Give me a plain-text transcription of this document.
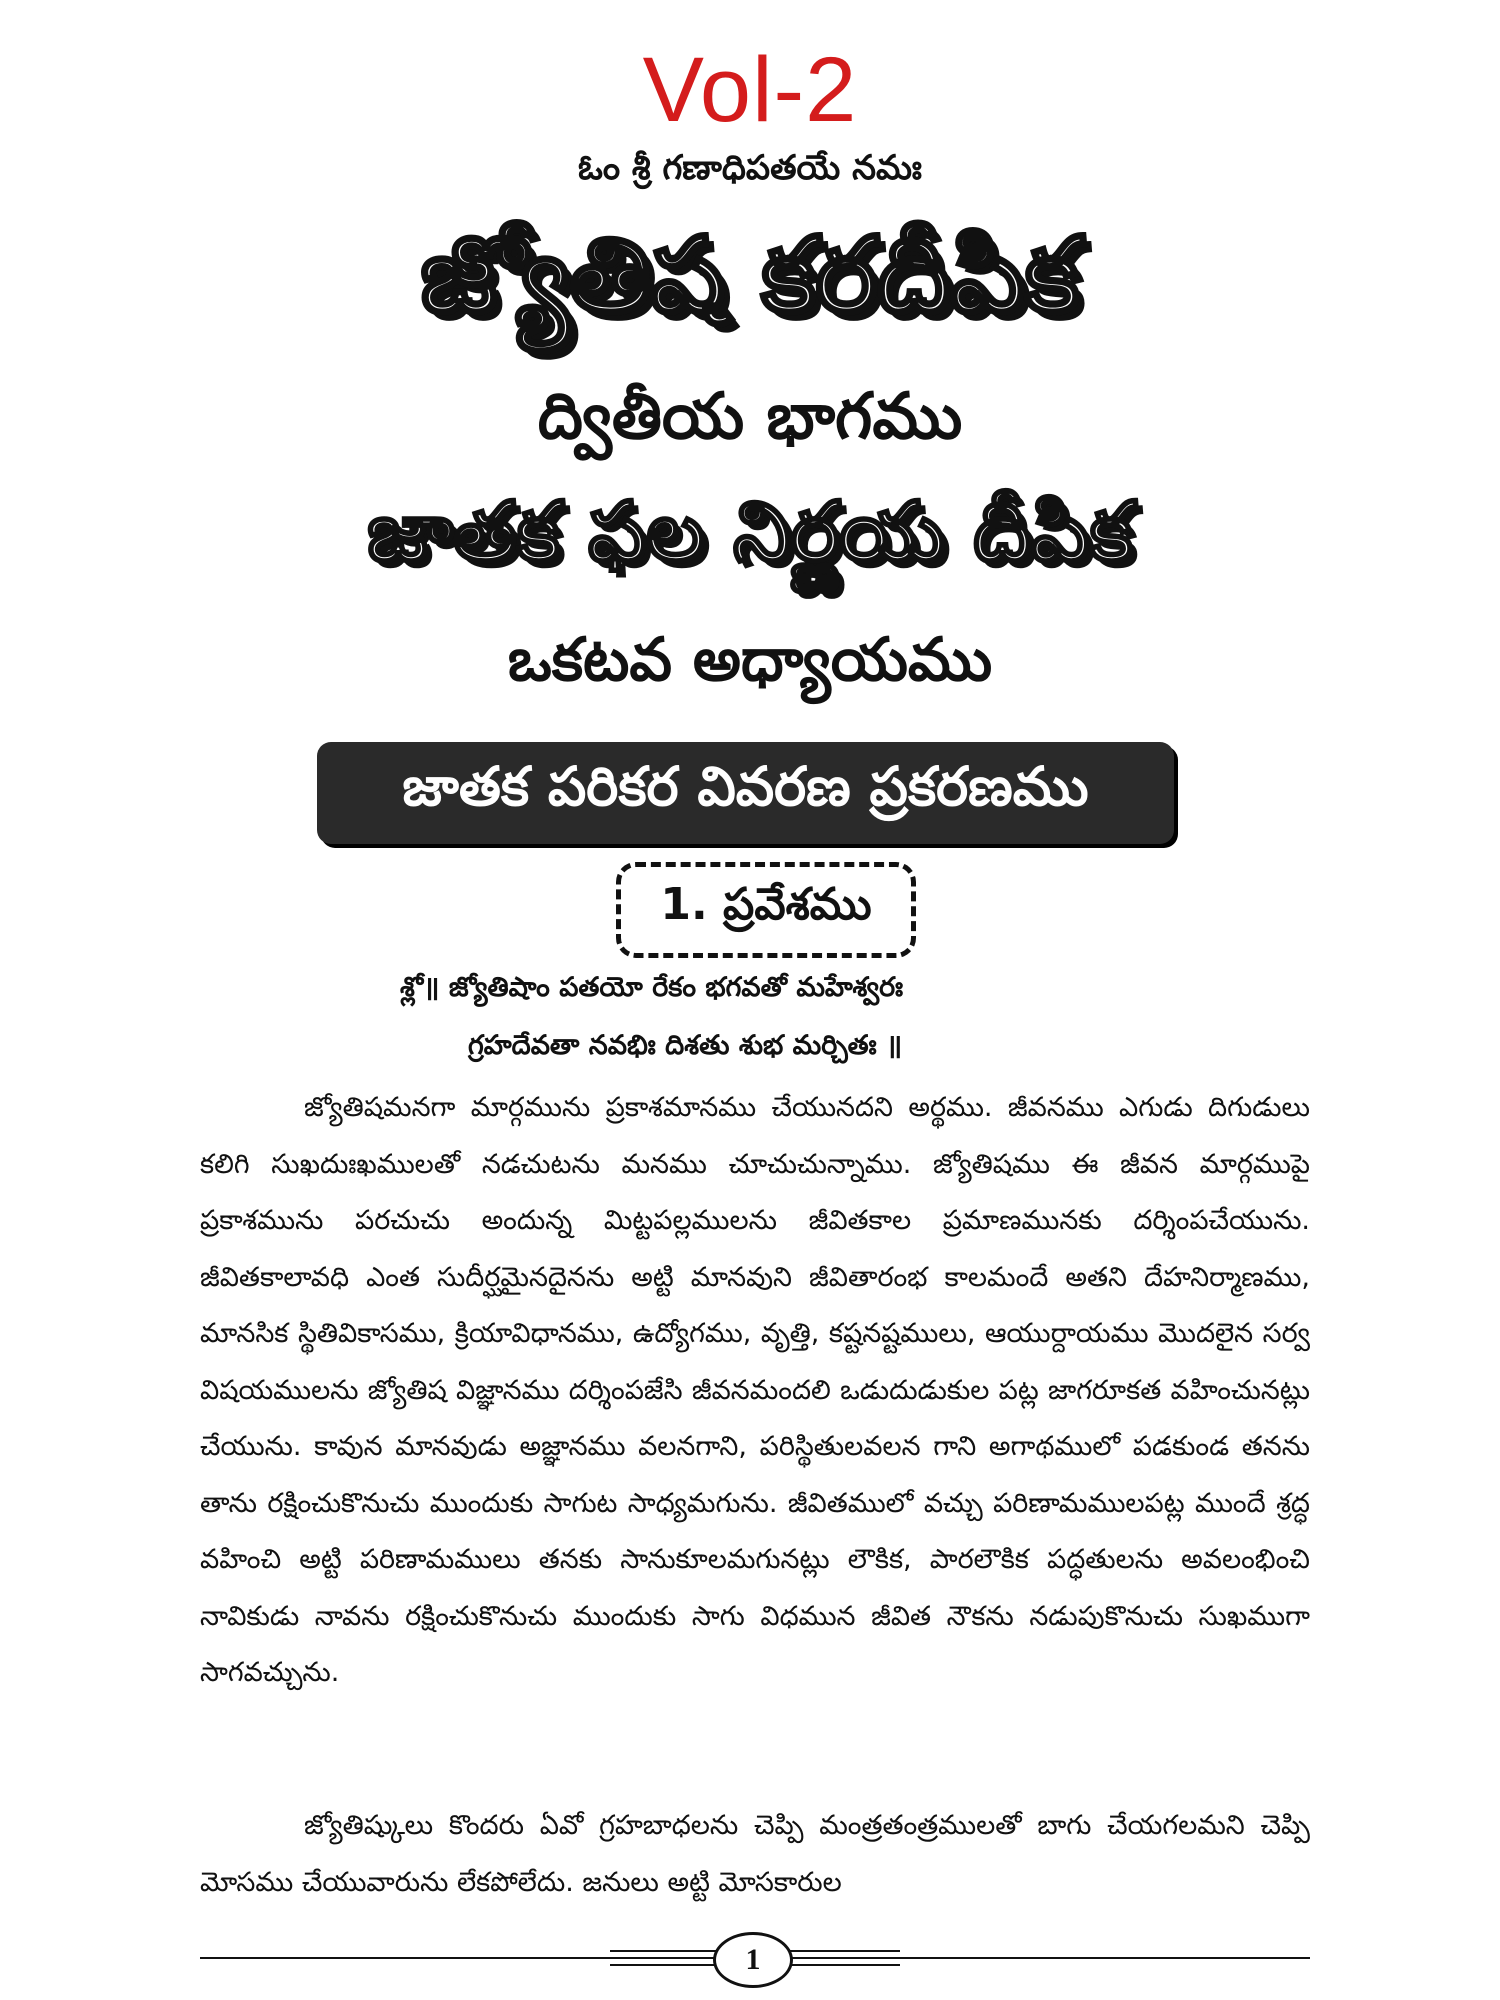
Vol-2
ఓం శ్రీ గణాధిపతయే నమః
జ్యోతిష కరదీపిక
ద్వితీయ భాగము
జాతక ఫల నిర్ణయ దీపిక
ఒకటవ అధ్యాయము
జాతక పరికర వివరణ ప్రకరణము
1. ప్రవేశము
శ్లో॥ జ్యోతిషాం పతయో రేకం భగవతో మహేశ్వరః
గ్రహదేవతా నవభిః దిశతు శుభ మర్చితః ॥

జ్యోతిషమనగా మార్గమును ప్రకాశమానము చేయునదని అర్థము. జీవనము ఎగుడు దిగుడులు కలిగి సుఖదుఃఖములతో నడచుటను మనము చూచుచున్నాము. జ్యోతిషము ఈ జీవన మార్గముపై ప్రకాశమును పరచుచు అందున్న మిట్టపల్లములను జీవితకాల ప్రమాణమునకు దర్శింపచేయును. జీవితకాలావధి ఎంత సుదీర్ఘమైనదైనను అట్టి మానవుని జీవితారంభ కాలమందే అతని దేహనిర్మాణము, మానసిక స్థితివికాసము, క్రియావిధానము, ఉద్యోగము, వృత్తి, కష్టనష్టములు, ఆయుర్దాయము మొదలైన సర్వ విషయములను జ్యోతిష విజ్ఞానము దర్శింపజేసి జీవనమందలి ఒడుదుడుకుల పట్ల జాగరూకత వహించునట్లు చేయును. కావున మానవుడు అజ్ఞానము వలనగాని, పరిస్థితులవలన గాని అగాథములో పడకుండ తనను తాను రక్షించుకొనుచు ముందుకు సాగుట సాధ్యమగును. జీవితములో వచ్చు పరిణామములపట్ల ముందే శ్రద్ధ వహించి అట్టి పరిణామములు తనకు సానుకూలమగునట్లు లౌకిక, పారలౌకిక పద్ధతులను అవలంభించి నావికుడు నావను రక్షించుకొనుచు ముందుకు సాగు విధమున జీవిత నౌకను నడుపుకొనుచు సుఖముగా సాగవచ్చును.

జ్యోతిష్కులు కొందరు ఏవో గ్రహబాధలను చెప్పి మంత్రతంత్రములతో బాగు చేయగలమని చెప్పి మోసము చేయువారును లేకపోలేదు. జనులు అట్టి మోసకారుల

1
